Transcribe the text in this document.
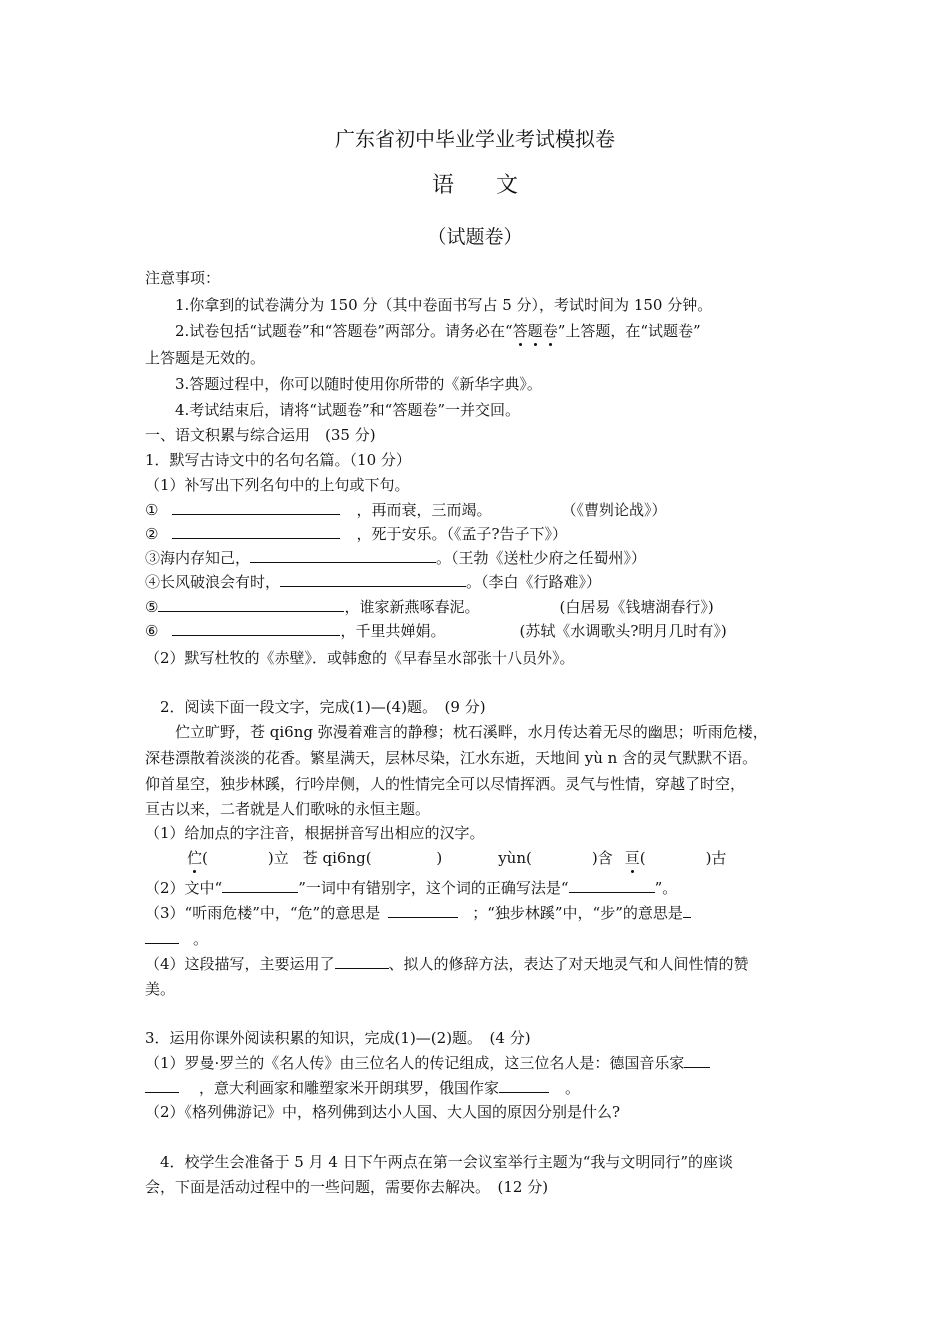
广东省初中毕业学业考试模拟卷
语文
（试题卷）
注意事项：
1.你拿到的试卷满分为 150 分（其中卷面书写占 5 分），考试时间为 150 分钟。
2.试卷包括“试题卷”和“答题卷”两部分。请务必在“答题卷”上答题，在“试题卷”
上答题是无效的。
3.答题过程中，你可以随时使用你所带的《新华字典》。
4.考试结束后，请将“试题卷”和“答题卷”一并交回。
一、语文积累与综合运用　(35 分)
1．默写古诗文中的名句名篇。（10 分）
（1）补写出下列名句中的上句或下句。
①	，再而衰，三而竭。	（《曹刿论战》）
②	，死于安乐。（《孟子?告子下》）
③海内存知己，	。（王勃《送杜少府之任蜀州》）
④长风破浪会有时，	。（李白《行路难》）
⑤	，谁家新燕啄春泥。	(白居易《钱塘湖春行》)
⑥	，千里共婵娟。	(苏轼《水调歌头?明月几时有》)
（2）默写杜牧的《赤壁》．或韩愈的《早春呈水部张十八员外》。
2．阅读下面一段文字，完成(1)—(4)题。　(9 分)
伫立旷野，苍 qi6ng 弥漫着难言的静穆；枕石溪畔，水月传达着无尽的幽思；听雨危楼，
深巷漂散着淡淡的花香。繁星满天，层林尽染，江水东逝，天地间 yù n 含的灵气默默不语。
仰首星空，独步林蹊，行吟岸侧，人的性情完全可以尽情挥洒。灵气与性情，穿越了时空，
亘古以来，二者就是人们歌咏的永恒主题。
（1）给加点的字注音，根据拼音写出相应的汉字。
伫(　　　　)立 苍 qi6ng(　　　　 )	yùn(　　　　)含 亘(　　　　)古
（2）文中“	”一词中有错别字，这个词的正确写法是“	”。
（3）“听雨危楼”中，“危”的意思是	；“独步林蹊”中，“步”的意思是
。
（4）这段描写，主要运用了	、拟人的修辞方法，表达了对天地灵气和人间性情的赞
美。
3．运用你课外阅读积累的知识，完成(1)—(2)题。　(4 分)
（1）罗曼·罗兰的《名人传》由三位名人的传记组成，这三位名人是：德国音乐家
，意大利画家和雕塑家米开朗琪罗，俄国作家	。
（2）《格列佛游记》中，格列佛到达小人国、大人国的原因分别是什么?
4．校学生会准备于 5 月 4 日下午两点在第一会议室举行主题为“我与文明同行”的座谈
会，下面是活动过程中的一些问题，需要你去解决。　(12 分)
